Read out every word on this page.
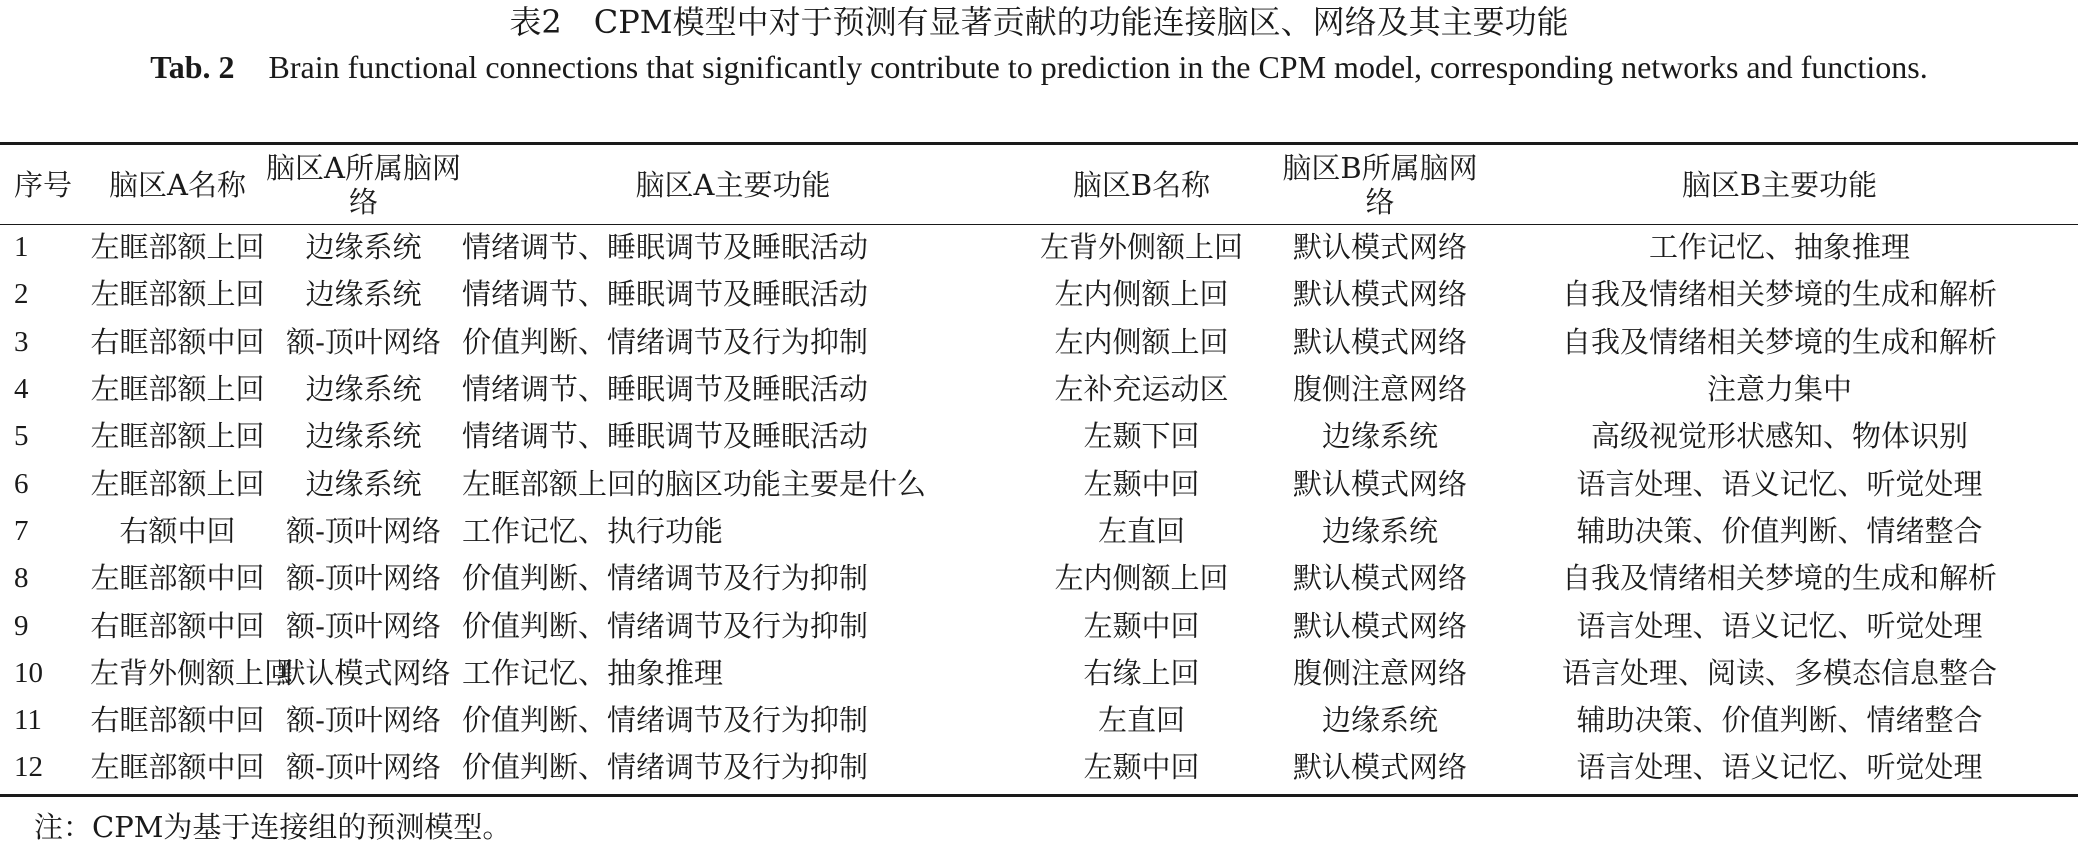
表2　CPM模型中对于预测有显著贡献的功能连接脑区、网络及其主要功能
Tab. 2 Brain functional connections that significantly contribute to prediction in the CPM model, corresponding networks and functions.
序号	脑区A名称	脑区A所属脑网络	脑区A主要功能	脑区B名称	脑区B所属脑网络	脑区B主要功能
1	左眶部额上回	边缘系统	情绪调节、睡眠调节及睡眠活动	左背外侧额上回	默认模式网络	工作记忆、抽象推理
2	左眶部额上回	边缘系统	情绪调节、睡眠调节及睡眠活动	左内侧额上回	默认模式网络	自我及情绪相关梦境的生成和解析
3	右眶部额中回	额-顶叶网络	价值判断、情绪调节及行为抑制	左内侧额上回	默认模式网络	自我及情绪相关梦境的生成和解析
4	左眶部额上回	边缘系统	情绪调节、睡眠调节及睡眠活动	左补充运动区	腹侧注意网络	注意力集中
5	左眶部额上回	边缘系统	情绪调节、睡眠调节及睡眠活动	左颞下回	边缘系统	高级视觉形状感知、物体识别
6	左眶部额上回	边缘系统	左眶部额上回的脑区功能主要是什么	左颞中回	默认模式网络	语言处理、语义记忆、听觉处理
7	右额中回	额-顶叶网络	工作记忆、执行功能	左直回	边缘系统	辅助决策、价值判断、情绪整合
8	左眶部额中回	额-顶叶网络	价值判断、情绪调节及行为抑制	左内侧额上回	默认模式网络	自我及情绪相关梦境的生成和解析
9	右眶部额中回	额-顶叶网络	价值判断、情绪调节及行为抑制	左颞中回	默认模式网络	语言处理、语义记忆、听觉处理
10	左背外侧额上回	默认模式网络	工作记忆、抽象推理	右缘上回	腹侧注意网络	语言处理、阅读、多模态信息整合
11	右眶部额中回	额-顶叶网络	价值判断、情绪调节及行为抑制	左直回	边缘系统	辅助决策、价值判断、情绪整合
12	左眶部额中回	额-顶叶网络	价值判断、情绪调节及行为抑制	左颞中回	默认模式网络	语言处理、语义记忆、听觉处理
注：CPM为基于连接组的预测模型。
